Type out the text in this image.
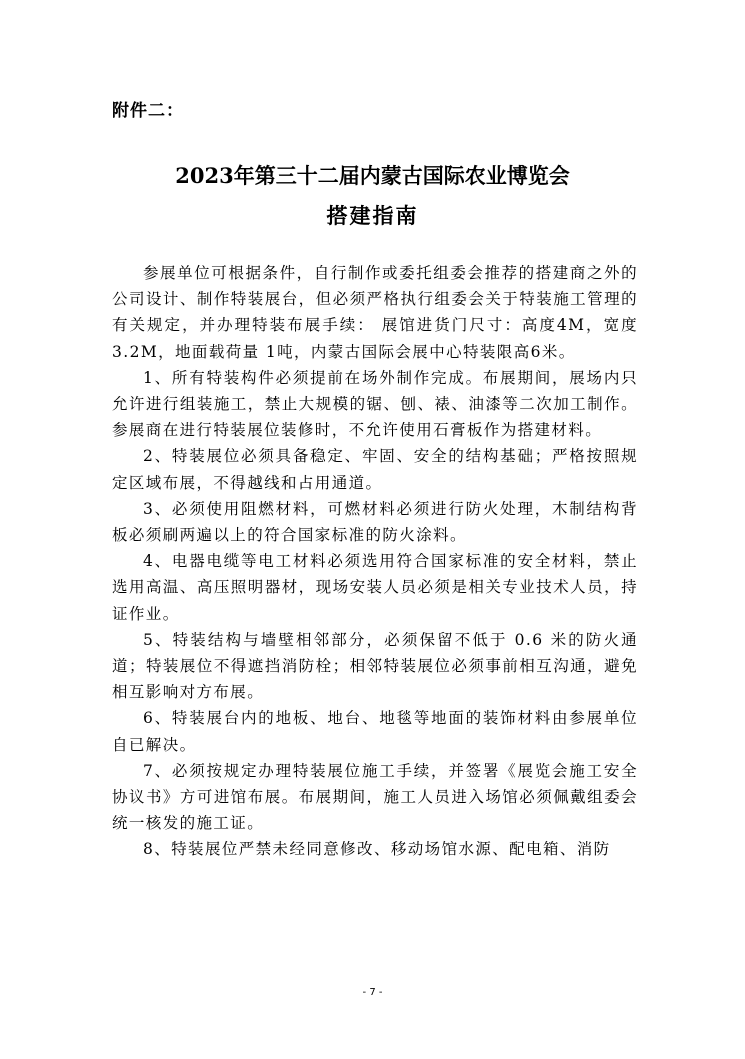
附件二：
2023年第三十二届内蒙古国际农业博览会
搭建指南

参展单位可根据条件，自行制作或委托组委会推荐的搭建商之外的公司设计、制作特装展台，但必须严格执行组委会关于特装施工管理的有关规定，并办理特装布展手续： 展馆进货门尺寸：高度4M，宽度 3.2M，地面载荷量 1吨，内蒙古国际会展中心特装限高6米。

1、所有特装构件必须提前在场外制作完成。布展期间，展场内只允许进行组装施工，禁止大规模的锯、刨、裱、油漆等二次加工制作。参展商在进行特装展位装修时，不允许使用石膏板作为搭建材料。

2、特装展位必须具备稳定、牢固、安全的结构基础；严格按照规定区域布展，不得越线和占用通道。

3、必须使用阻燃材料，可燃材料必须进行防火处理，木制结构背板必须刷两遍以上的符合国家标准的防火涂料。

4、电器电缆等电工材料必须选用符合国家标准的安全材料，禁止选用高温、高压照明器材，现场安装人员必须是相关专业技术人员，持证作业。

5、特装结构与墙壁相邻部分，必须保留不低于 0.6 米的防火通道；特装展位不得遮挡消防栓；相邻特装展位必须事前相互沟通，避免相互影响对方布展。

6、特装展台内的地板、地台、地毯等地面的装饰材料由参展单位自已解决。

7、必须按规定办理特装展位施工手续，并签署《展览会施工安全协议书》方可进馆布展。布展期间，施工人员进入场馆必须佩戴组委会统一核发的施工证。

8、特装展位严禁未经同意修改、移动场馆水源、配电箱、消防

- 7 -
